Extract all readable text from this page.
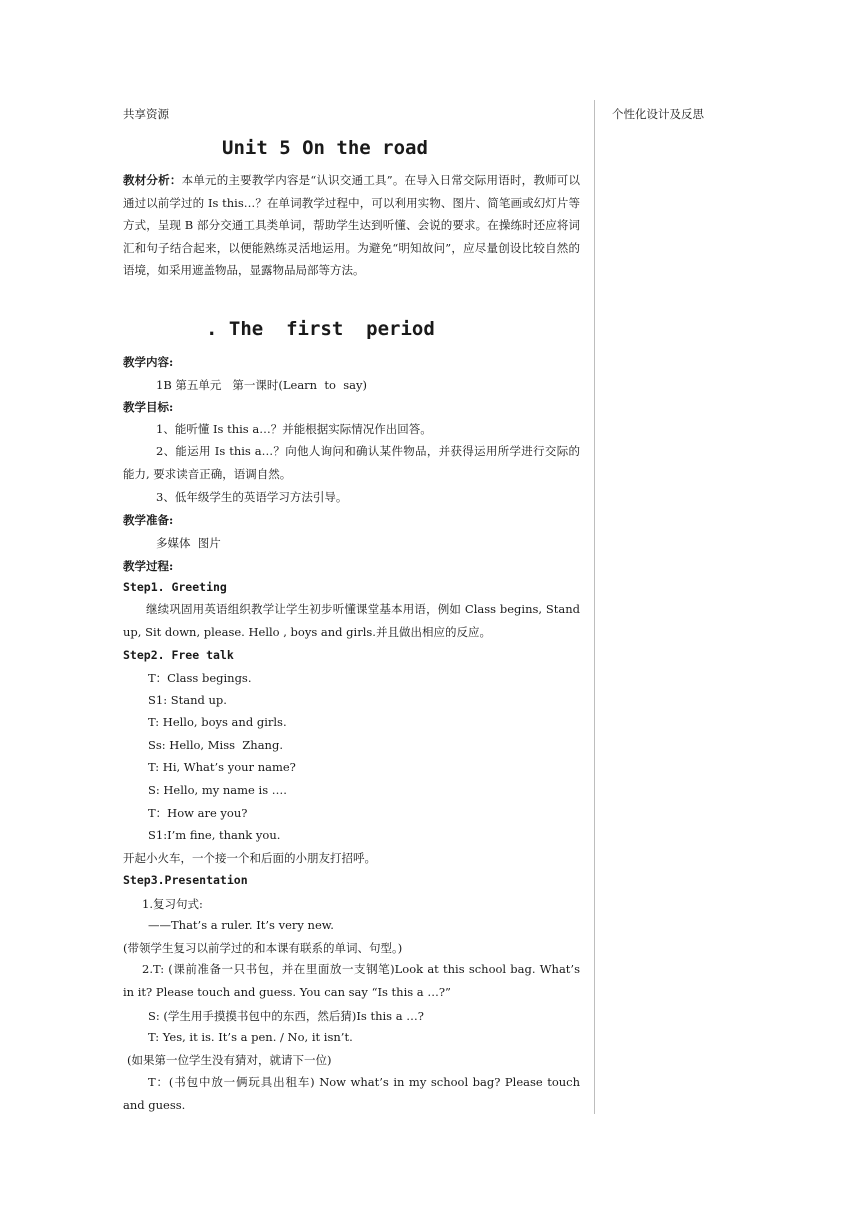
共享资源	个性化设计及反思
Unit 5 On the road
教材分析：本单元的主要教学内容是“认识交通工具”。在导入日常交际用语时，教师可以通过以前学过的 Is this…？在单词教学过程中，可以利用实物、图片、简笔画或幻灯片等方式，呈现 B 部分交通工具类单词，帮助学生达到听懂、会说的要求。在操练时还应将词汇和句子结合起来，以便能熟练灵活地运用。为避免“明知故问”，应尽量创设比较自然的语境，如采用遮盖物品，显露物品局部等方法。
. The  first  period
教学内容:
1B 第五单元   第一课时(Learn  to  say)
教学目标:
1、能听懂 Is this a…？并能根据实际情况作出回答。
2、能运用 Is this a…？向他人询问和确认某件物品，并获得运用所学进行交际的能力, 要求读音正确，语调自然。
3、低年级学生的英语学习方法引导。
教学准备:
多媒体  图片
教学过程:
Step1. Greeting
继续巩固用英语组织教学让学生初步听懂课堂基本用语，例如 Class begins, Stand up, Sit down, please. Hello , boys and girls.并且做出相应的反应。
Step2. Free talk
T：Class begings.
S1: Stand up.
T: Hello, boys and girls.
Ss: Hello, Miss  Zhang.
T: Hi, What’s your name?
S: Hello, my name is ….
T：How are you?
S1:I’m fine, thank you.
开起小火车，一个接一个和后面的小朋友打招呼。
Step3.Presentation
1.复习句式:
——That’s a ruler. It’s very new.
(带领学生复习以前学过的和本课有联系的单词、句型。)
2.T: (课前准备一只书包，并在里面放一支钢笔)Look at this school bag. What’s in it? Please touch and guess. You can say “Is this a …?”
S: (学生用手摸摸书包中的东西，然后猜)Is this a …?
T: Yes, it is. It’s a pen. / No, it isn’t.
(如果第一位学生没有猜对，就请下一位)
T：(书包中放一俩玩具出租车) Now what’s in my school bag? Please touch and guess.
